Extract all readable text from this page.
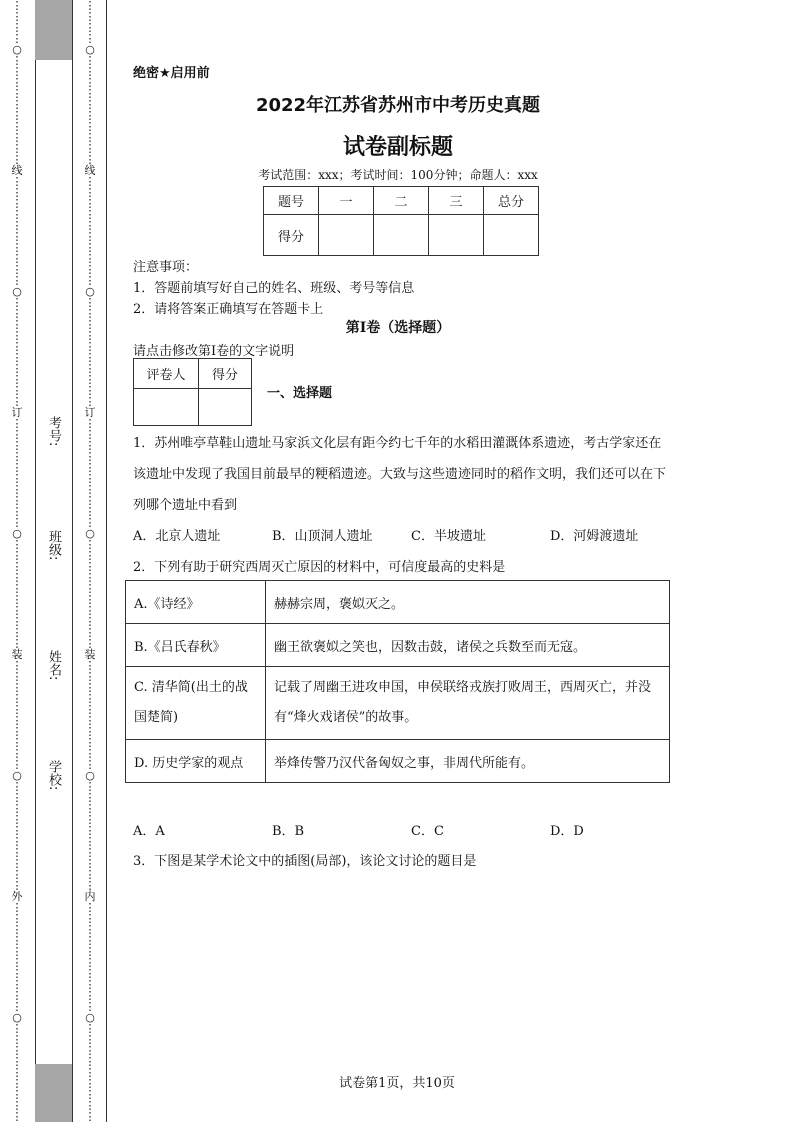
⋮
⋮
⋮
⋮
○
⋮
⋮
⋮
⋮
⋮
⋮
⋮
⋮
⋮
⋮
线
⋮
⋮
⋮
⋮
⋮
⋮
⋮
⋮
⋮
⋮
○
⋮
⋮
⋮
⋮
⋮
⋮
⋮
⋮
⋮
⋮
订
⋮
⋮
⋮
⋮
⋮
⋮
⋮
⋮
⋮
⋮
○
⋮
⋮
⋮
⋮
⋮
⋮
⋮
⋮
⋮
⋮
装
⋮
⋮
⋮
⋮
⋮
⋮
⋮
⋮
⋮
⋮
○
⋮
⋮
⋮
⋮
⋮
⋮
⋮
⋮
⋮
⋮
外
⋮
⋮
⋮
⋮
⋮
⋮
⋮
⋮
⋮
⋮
○
⋮
⋮
⋮
⋮
⋮
⋮
⋮
⋮
⋮
⋮
⋮
⋮
⋮
○
⋮
⋮
⋮
⋮
⋮
⋮
⋮
⋮
⋮
⋮
线
⋮
⋮
⋮
⋮
⋮
⋮
⋮
⋮
⋮
⋮
○
⋮
⋮
⋮
⋮
⋮
⋮
⋮
⋮
⋮
⋮
订
⋮
⋮
⋮
⋮
⋮
⋮
⋮
⋮
⋮
⋮
○
⋮
⋮
⋮
⋮
⋮
⋮
⋮
⋮
⋮
⋮
装
⋮
⋮
⋮
⋮
⋮
⋮
⋮
⋮
⋮
⋮
○
⋮
⋮
⋮
⋮
⋮
⋮
⋮
⋮
⋮
⋮
内
⋮
⋮
⋮
⋮
⋮
⋮
⋮
⋮
⋮
⋮
○
⋮
⋮
⋮
⋮
⋮
⋮
⋮
⋮
⋮
考号:
班级:
姓名:
学校:
绝密★启用前
2022年江苏省苏州市中考历史真题
试卷副标题
考试范围：xxx；考试时间：100分钟；命题人：xxx
题号	一	二	三	总分
得分				
注意事项：
1．答题前填写好自己的姓名、班级、考号等信息
2．请将答案正确填写在答题卡上
第I卷（选择题）
请点击修改第I卷的文字说明
评卷人	得分

一、选择题
1．苏州唯亭草鞋山遗址马家浜文化层有距今约七千年的水稻田灌溉体系遗迹，考古学家还在该遗址中发现了我国目前最早的粳稻遗迹。大致与这些遗迹同时的稻作文明，我们还可以在下列哪个遗址中看到
A．北京人遗址	B．山顶洞人遗址	C．半坡遗址	D．河姆渡遗址
2．下列有助于研究西周灭亡原因的材料中，可信度最高的史料是
A.《诗经》	赫赫宗周，褒姒灭之。
B.《吕氏春秋》	幽王欲褒姒之笑也，因数击鼓，诸侯之兵数至而无寇。
C. 清华简(出土的战国楚简)	记载了周幽王进攻申国，申侯联络戎族打败周王，西周灭亡，并没有“烽火戏诸侯”的故事。
D. 历史学家的观点	举烽传警乃汉代备匈奴之事，非周代所能有。
A．A	B．B	C．C	D．D
3．下图是某学术论文中的插图(局部)，该论文讨论的题目是
试卷第1页，共10页
